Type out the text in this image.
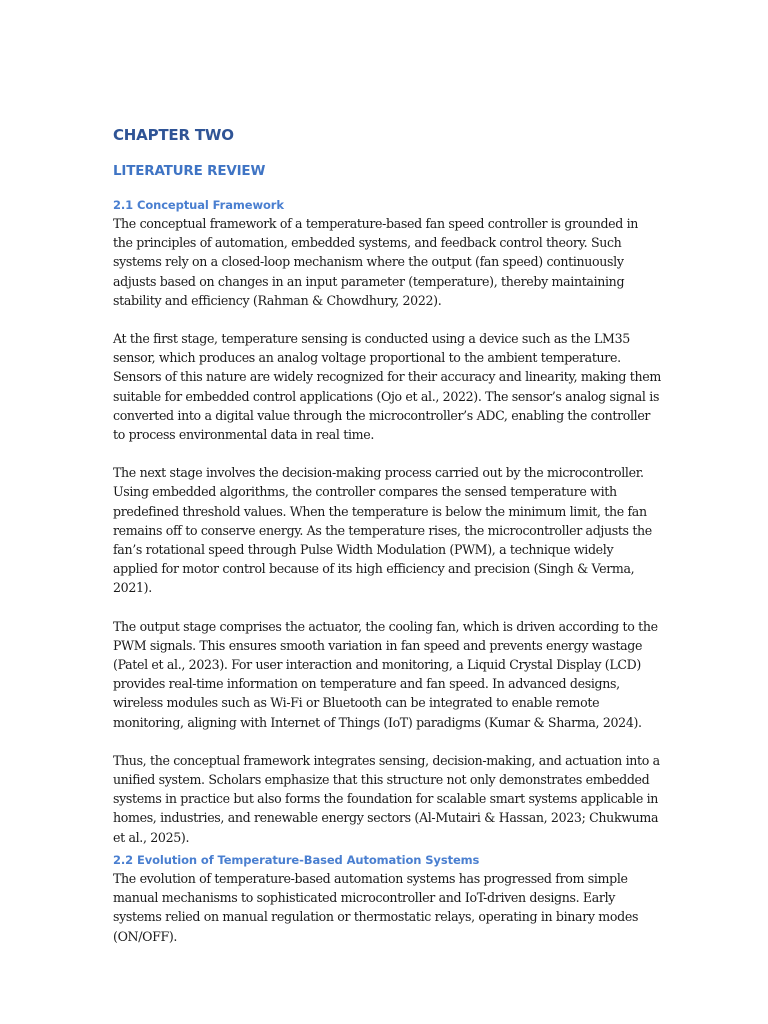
CHAPTER TWO
LITERATURE REVIEW
2.1 Conceptual Framework

The conceptual framework of a temperature-based fan speed controller is grounded in the principles of automation, embedded systems, and feedback control theory. Such systems rely on a closed-loop mechanism where the output (fan speed) continuously adjusts based on changes in an input parameter (temperature), thereby maintaining stability and efficiency (Rahman & Chowdhury, 2022).

At the first stage, temperature sensing is conducted using a device such as the LM35 sensor, which produces an analog voltage proportional to the ambient temperature. Sensors of this nature are widely recognized for their accuracy and linearity, making them suitable for embedded control applications (Ojo et al., 2022). The sensor’s analog signal is converted into a digital value through the microcontroller’s ADC, enabling the controller to process environmental data in real time.

The next stage involves the decision-making process carried out by the microcontroller. Using embedded algorithms, the controller compares the sensed temperature with predefined threshold values. When the temperature is below the minimum limit, the fan remains off to conserve energy. As the temperature rises, the microcontroller adjusts the fan’s rotational speed through Pulse Width Modulation (PWM), a technique widely applied for motor control because of its high efficiency and precision (Singh & Verma, 2021).

The output stage comprises the actuator, the cooling fan, which is driven according to the PWM signals. This ensures smooth variation in fan speed and prevents energy wastage (Patel et al., 2023). For user interaction and monitoring, a Liquid Crystal Display (LCD) provides real-time information on temperature and fan speed. In advanced designs, wireless modules such as Wi-Fi or Bluetooth can be integrated to enable remote monitoring, aligning with Internet of Things (IoT) paradigms (Kumar & Sharma, 2024).

Thus, the conceptual framework integrates sensing, decision-making, and actuation into a unified system. Scholars emphasize that this structure not only demonstrates embedded systems in practice but also forms the foundation for scalable smart systems applicable in homes, industries, and renewable energy sectors (Al-Mutairi & Hassan, 2023; Chukwuma et al., 2025).

2.2 Evolution of Temperature-Based Automation Systems

The evolution of temperature-based automation systems has progressed from simple manual mechanisms to sophisticated microcontroller and IoT-driven designs. Early systems relied on manual regulation or thermostatic relays, operating in binary modes (ON/OFF).
